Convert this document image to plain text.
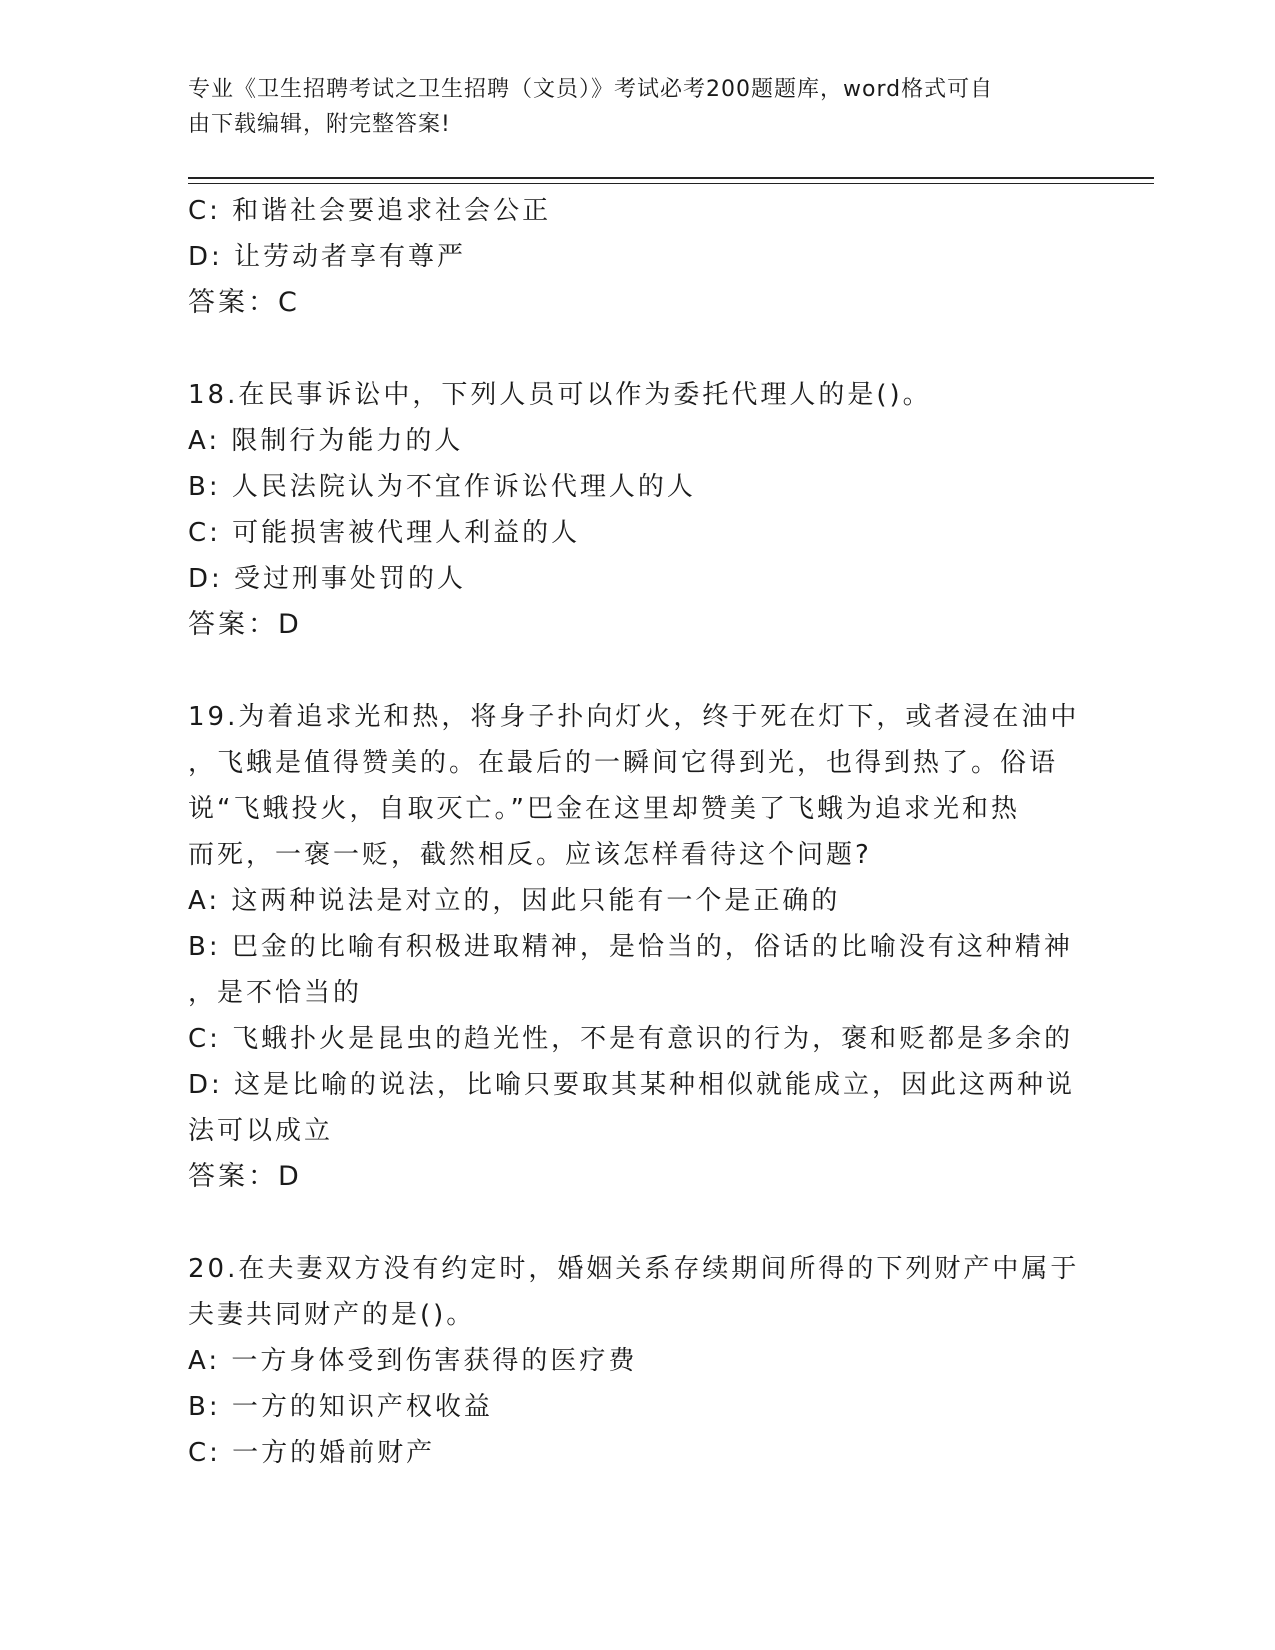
专业《卫生招聘考试之卫生招聘（文员）》考试必考200题题库，word格式可自
由下载编辑，附完整答案!
C: 和谐社会要追求社会公正
D: 让劳动者享有尊严
答案：C
18.在民事诉讼中，下列人员可以作为委托代理人的是()。
A: 限制行为能力的人
B: 人民法院认为不宜作诉讼代理人的人
C: 可能损害被代理人利益的人
D: 受过刑事处罚的人
答案：D
19.为着追求光和热，将身子扑向灯火，终于死在灯下，或者浸在油中
，飞蛾是值得赞美的。在最后的一瞬间它得到光，也得到热了。俗语
说“飞蛾投火，自取灭亡。”巴金在这里却赞美了飞蛾为追求光和热
而死，一褒一贬，截然相反。应该怎样看待这个问题?
A: 这两种说法是对立的，因此只能有一个是正确的
B: 巴金的比喻有积极进取精神，是恰当的，俗话的比喻没有这种精神
，是不恰当的
C: 飞蛾扑火是昆虫的趋光性，不是有意识的行为，褒和贬都是多余的
D: 这是比喻的说法，比喻只要取其某种相似就能成立，因此这两种说
法可以成立
答案：D
20.在夫妻双方没有约定时，婚姻关系存续期间所得的下列财产中属于
夫妻共同财产的是()。
A: 一方身体受到伤害获得的医疗费
B: 一方的知识产权收益
C: 一方的婚前财产
